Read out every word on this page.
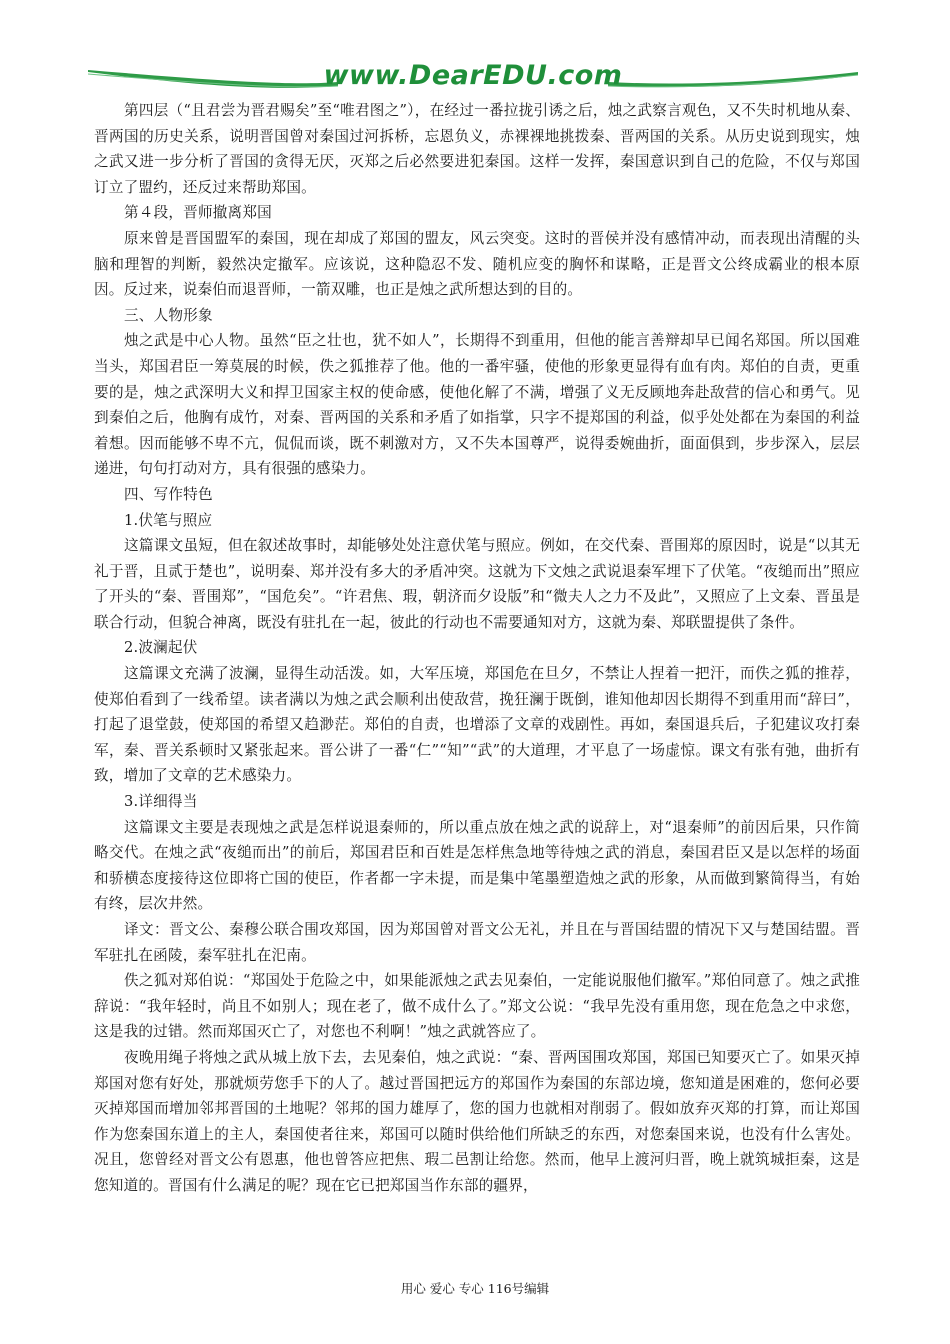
www.DearEDU.com

第四层（“且君尝为晋君赐矣”至“唯君图之”），在经过一番拉拢引诱之后，烛之武察言观色，又不失时机地从秦、晋两国的历史关系，说明晋国曾对秦国过河拆桥，忘恩负义，赤裸裸地挑拨秦、晋两国的关系。从历史说到现实，烛之武又进一步分析了晋国的贪得无厌，灭郑之后必然要进犯秦国。这样一发挥，秦国意识到自己的危险，不仅与郑国订立了盟约，还反过来帮助郑国。

第４段，晋师撤离郑国

原来曾是晋国盟军的秦国，现在却成了郑国的盟友，风云突变。这时的晋侯并没有感情冲动，而表现出清醒的头脑和理智的判断，毅然决定撤军。应该说，这种隐忍不发、随机应变的胸怀和谋略，正是晋文公终成霸业的根本原因。反过来，说秦伯而退晋师，一箭双雕，也正是烛之武所想达到的目的。

三、人物形象

烛之武是中心人物。虽然“臣之壮也，犹不如人”，长期得不到重用，但他的能言善辩却早已闻名郑国。所以国难当头，郑国君臣一筹莫展的时候，佚之狐推荐了他。他的一番牢骚，使他的形象更显得有血有肉。郑伯的自责，更重要的是，烛之武深明大义和捍卫国家主权的使命感，使他化解了不满，增强了义无反顾地奔赴敌营的信心和勇气。见到秦伯之后，他胸有成竹，对秦、晋两国的关系和矛盾了如指掌，只字不提郑国的利益，似乎处处都在为秦国的利益着想。因而能够不卑不亢，侃侃而谈，既不刺激对方，又不失本国尊严，说得委婉曲折，面面俱到，步步深入，层层递进，句句打动对方，具有很强的感染力。

四、写作特色

1.伏笔与照应

这篇课文虽短，但在叙述故事时，却能够处处注意伏笔与照应。例如，在交代秦、晋围郑的原因时，说是“以其无礼于晋，且贰于楚也”，说明秦、郑并没有多大的矛盾冲突。这就为下文烛之武说退秦军埋下了伏笔。“夜缒而出”照应了开头的“秦、晋围郑”，“国危矣”。“许君焦、瑕，朝济而夕设版”和“微夫人之力不及此”，又照应了上文秦、晋虽是联合行动，但貌合神离，既没有驻扎在一起，彼此的行动也不需要通知对方，这就为秦、郑联盟提供了条件。

2.波澜起伏

这篇课文充满了波澜，显得生动活泼。如，大军压境，郑国危在旦夕，不禁让人捏着一把汗，而佚之狐的推荐，使郑伯看到了一线希望。读者满以为烛之武会顺利出使敌营，挽狂澜于既倒，谁知他却因长期得不到重用而“辞曰”，打起了退堂鼓，使郑国的希望又趋渺茫。郑伯的自责，也增添了文章的戏剧性。再如，秦国退兵后，子犯建议攻打秦军，秦、晋关系顿时又紧张起来。晋公讲了一番“仁”“知”“武”的大道理，才平息了一场虚惊。课文有张有弛，曲折有致，增加了文章的艺术感染力。

3.详细得当

这篇课文主要是表现烛之武是怎样说退秦师的，所以重点放在烛之武的说辞上，对“退秦师”的前因后果，只作简略交代。在烛之武“夜缒而出”的前后，郑国君臣和百姓是怎样焦急地等待烛之武的消息，秦国君臣又是以怎样的场面和骄横态度接待这位即将亡国的使臣，作者都一字未提，而是集中笔墨塑造烛之武的形象，从而做到繁简得当，有始有终，层次井然。

译文：晋文公、秦穆公联合围攻郑国，因为郑国曾对晋文公无礼，并且在与晋国结盟的情况下又与楚国结盟。晋军驻扎在函陵，秦军驻扎在汜南。

佚之狐对郑伯说：“郑国处于危险之中，如果能派烛之武去见秦伯，一定能说服他们撤军。”郑伯同意了。烛之武推辞说：“我年轻时，尚且不如别人；现在老了，做不成什么了。”郑文公说：“我早先没有重用您，现在危急之中求您，这是我的过错。然而郑国灭亡了，对您也不利啊！”烛之武就答应了。

夜晚用绳子将烛之武从城上放下去，去见秦伯，烛之武说：“秦、晋两国围攻郑国，郑国已知要灭亡了。如果灭掉郑国对您有好处，那就烦劳您手下的人了。越过晋国把远方的郑国作为秦国的东部边境，您知道是困难的，您何必要灭掉郑国而增加邻邦晋国的土地呢？邻邦的国力雄厚了，您的国力也就相对削弱了。假如放弃灭郑的打算，而让郑国作为您秦国东道上的主人，秦国使者往来，郑国可以随时供给他们所缺乏的东西，对您秦国来说，也没有什么害处。况且，您曾经对晋文公有恩惠，他也曾答应把焦、瑕二邑割让给您。然而，他早上渡河归晋，晚上就筑城拒秦，这是您知道的。晋国有什么满足的呢？现在它已把郑国当作东部的疆界，

用心 爱心 专心 116号编辑
